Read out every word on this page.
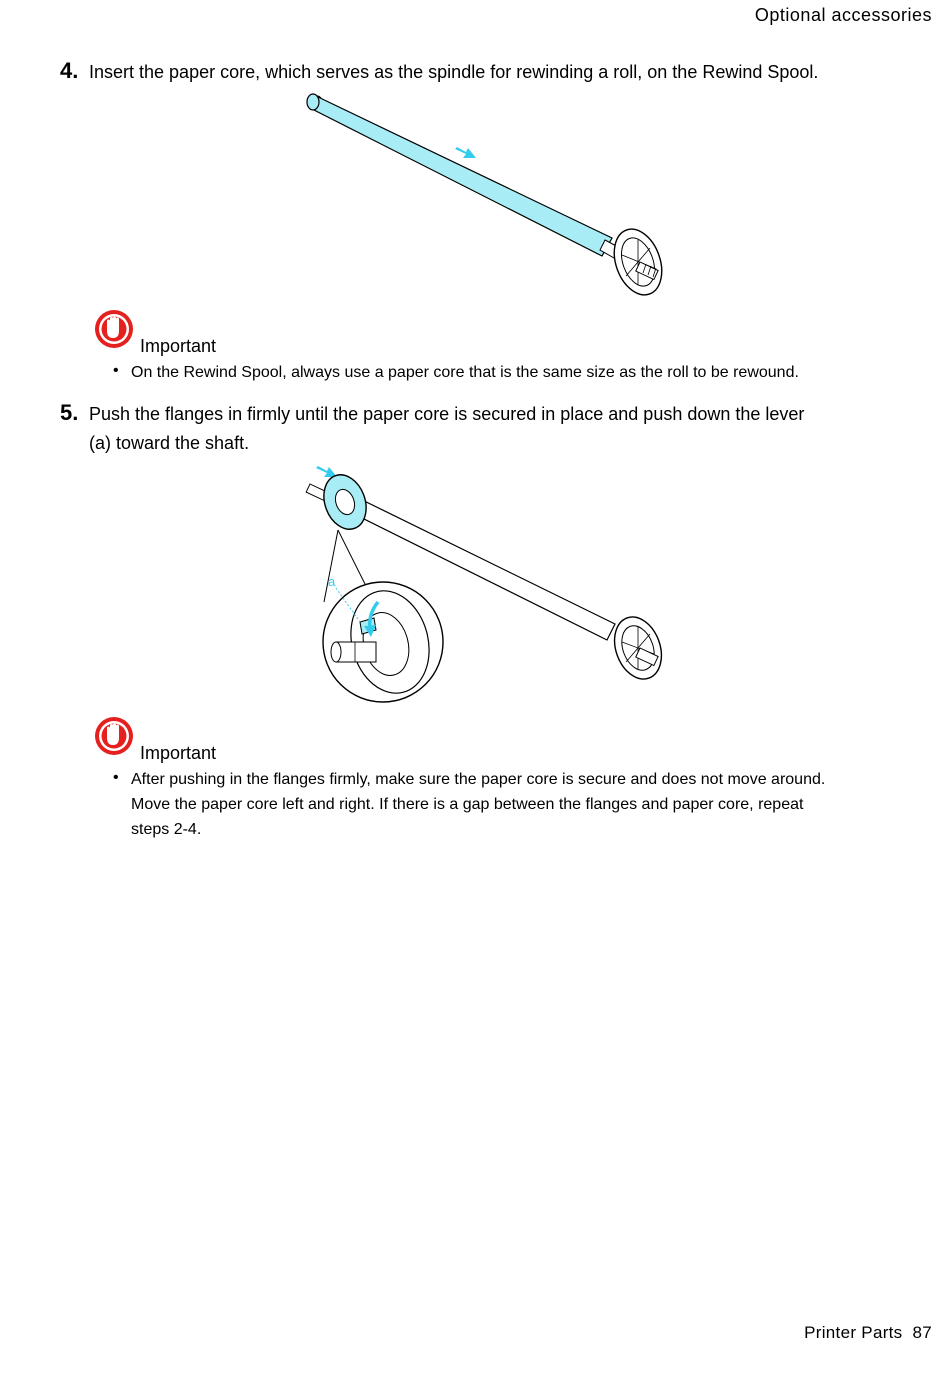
Optional accessories
4. Insert the paper core, which serves as the spindle for rewinding a roll, on the Rewind Spool.
Important
• On the Rewind Spool, always use a paper core that is the same size as the roll to be rewound.
5. Push the flanges in firmly until the paper core is secured in place and push down the lever
(a) toward the shaft.
a
Important
• After pushing in the flanges firmly, make sure the paper core is secure and does not move around.
Move the paper core left and right. If there is a gap between the flanges and paper core, repeat
steps 2-4.
Printer Parts 87
